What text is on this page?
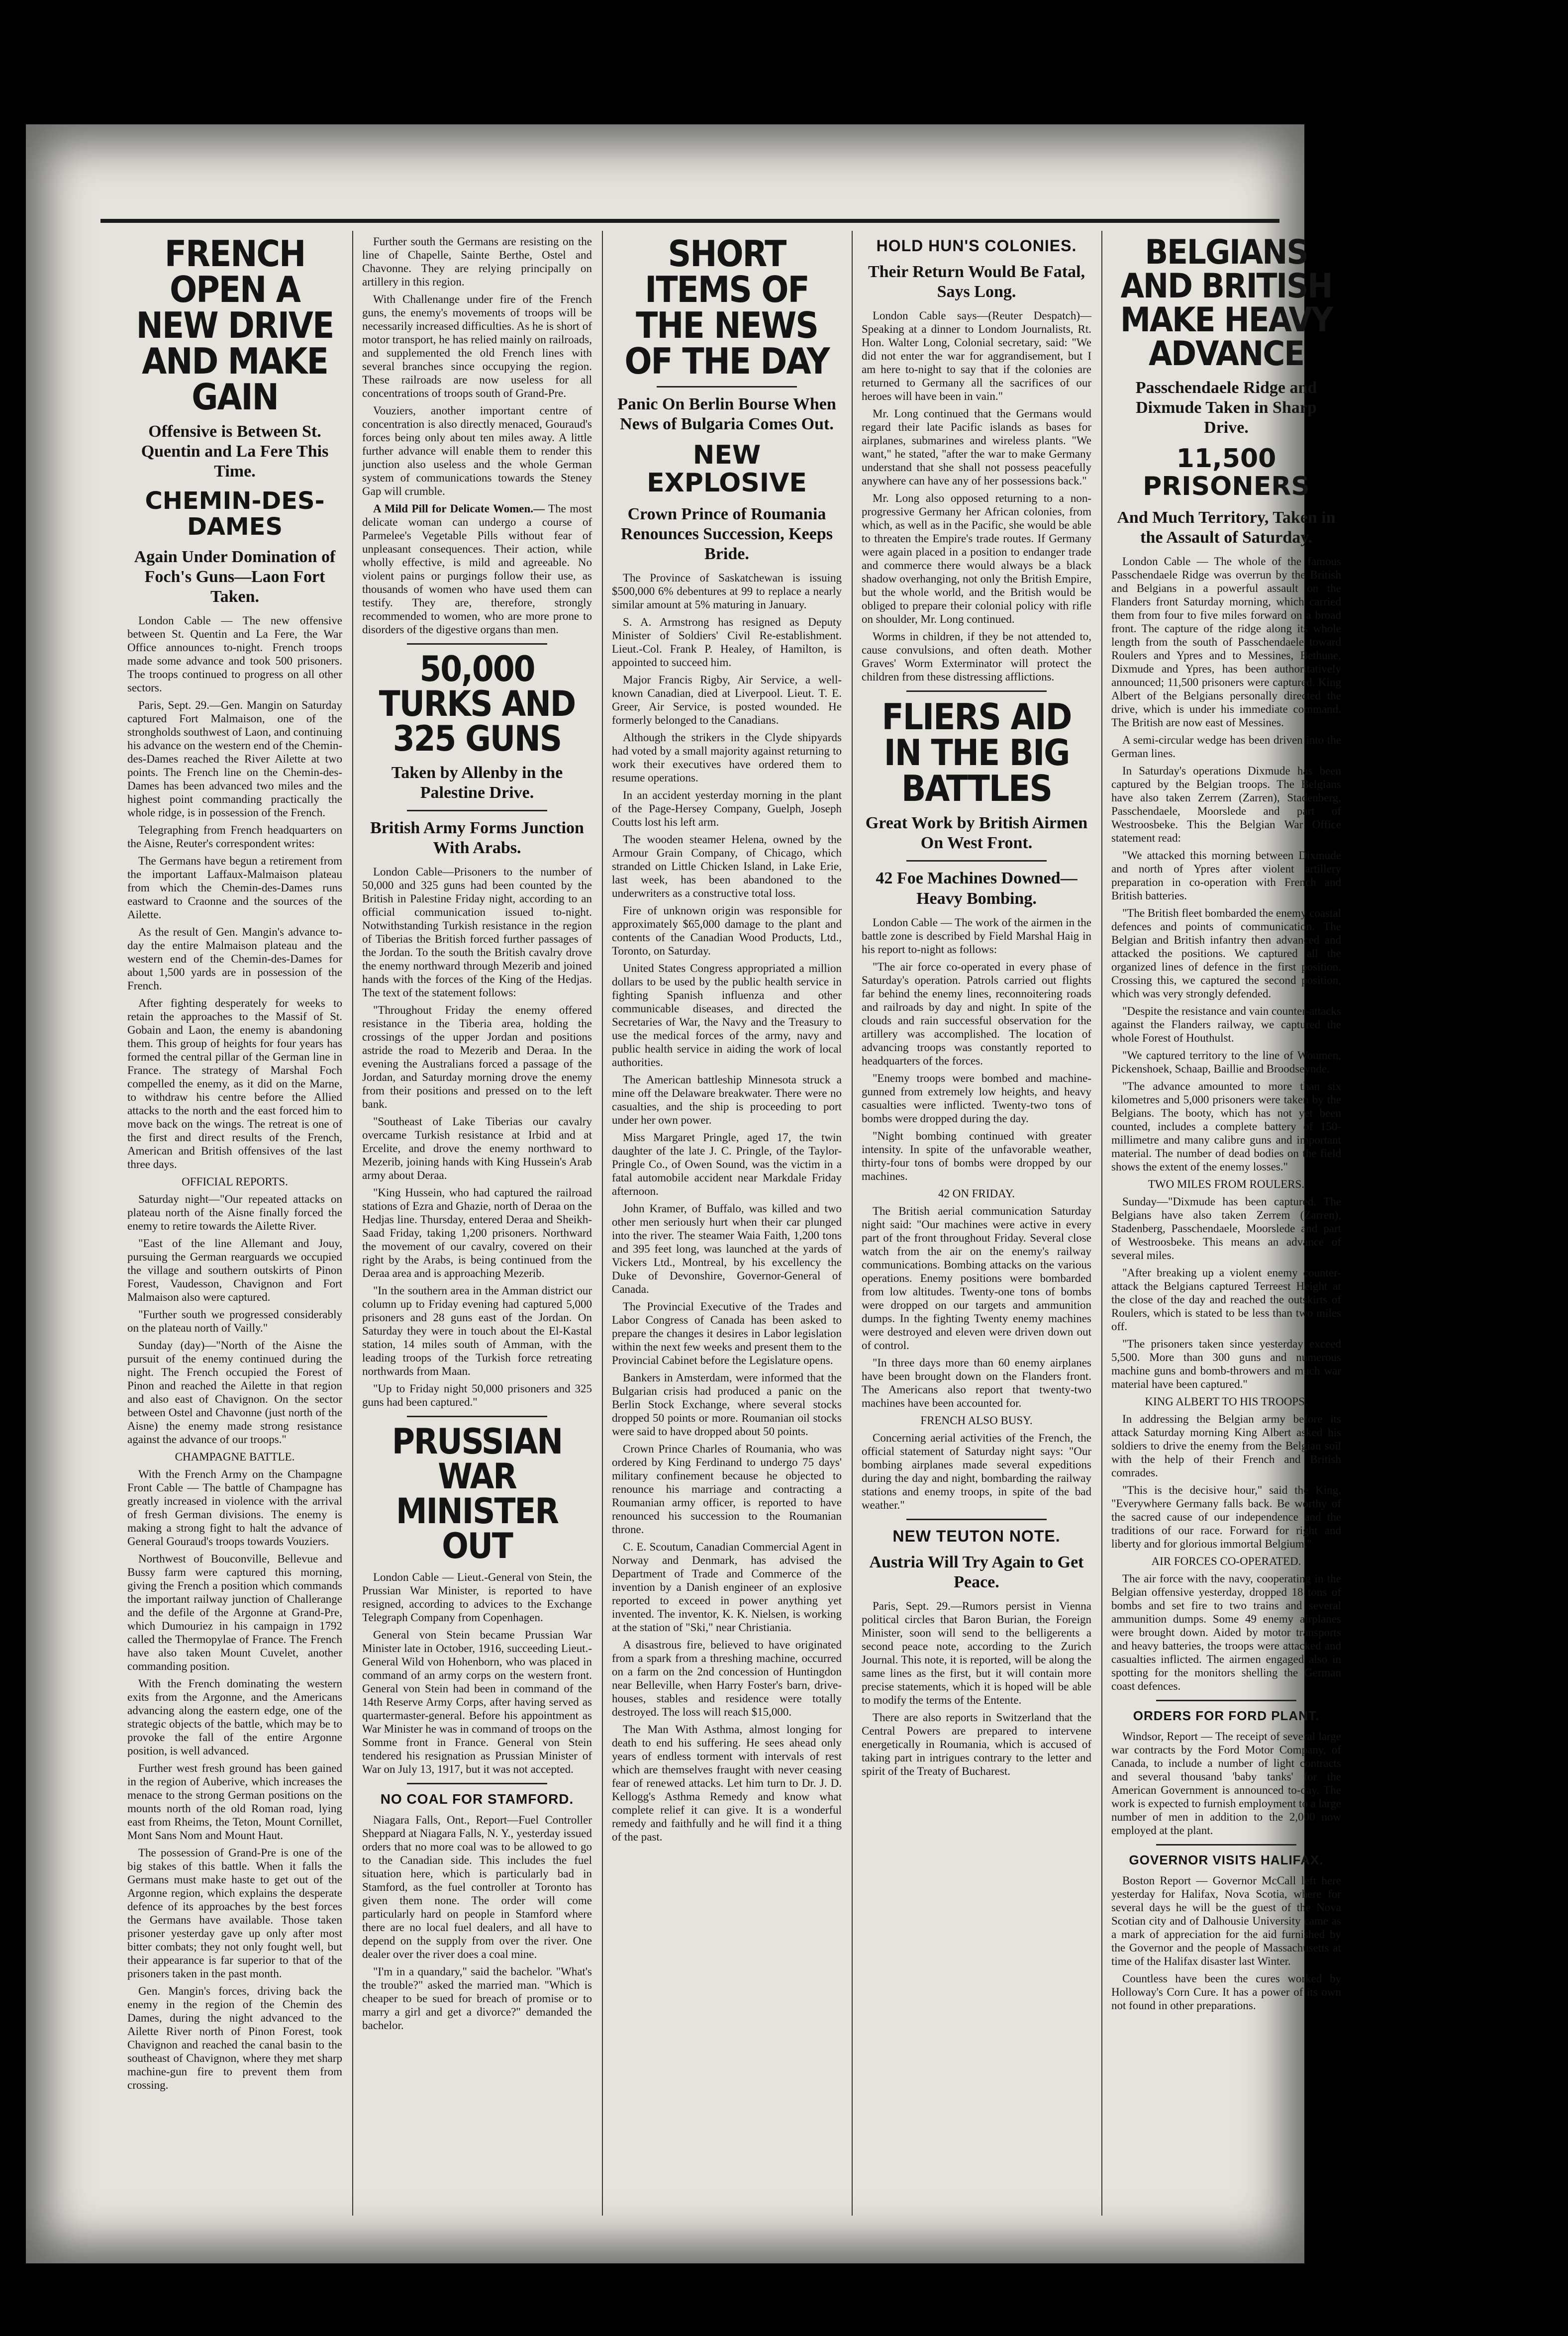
FRENCH OPEN A NEW DRIVE AND MAKE GAIN
Offensive is Between St. Quentin and La Fere This Time.
CHEMIN-DES-DAMES
Again Under Domination of Foch's Guns—Laon Fort Taken.

London Cable — The new offensive between St. Quentin and La Fere, the War Office announces to-night. French troops made some advance and took 500 prisoners. The troops continued to progress on all other sectors.

Paris, Sept. 29.—Gen. Mangin on Saturday captured Fort Malmaison, one of the strongholds southwest of Laon, and continuing his advance on the western end of the Chemin-des-Dames reached the River Ailette at two points. The French line on the Chemin-des-Dames has been advanced two miles and the highest point commanding practically the whole ridge, is in possession of the French.

Telegraphing from French headquarters on the Aisne, Reuter's correspondent writes:

The Germans have begun a retirement from the important Laffaux-Malmaison plateau from which the Chemin-des-Dames runs eastward to Craonne and the sources of the Ailette.

As the result of Gen. Mangin's advance to-day the entire Malmaison plateau and the western end of the Chemin-des-Dames for about 1,500 yards are in possession of the French.

After fighting desperately for weeks to retain the approaches to the Massif of St. Gobain and Laon, the enemy is abandoning them. This group of heights for four years has formed the central pillar of the German line in France. The strategy of Marshal Foch compelled the enemy, as it did on the Marne, to withdraw his centre before the Allied attacks to the north and the east forced him to move back on the wings. The retreat is one of the first and direct results of the French, American and British offensives of the last three days.

OFFICIAL REPORTS.

Saturday night—"Our repeated attacks on plateau north of the Aisne finally forced the enemy to retire towards the Ailette River.

"East of the line Allemant and Jouy, pursuing the German rearguards we occupied the village and southern outskirts of Pinon Forest, Vaudesson, Chavignon and Fort Malmaison also were captured.

"Further south we progressed considerably on the plateau north of Vailly."

Sunday (day)—"North of the Aisne the pursuit of the enemy continued during the night. The French occupied the Forest of Pinon and reached the Ailette in that region and also east of Chavignon. On the sector between Ostel and Chavonne (just north of the Aisne) the enemy made strong resistance against the advance of our troops."

CHAMPAGNE BATTLE.

With the French Army on the Champagne Front Cable — The battle of Champagne has greatly increased in violence with the arrival of fresh German divisions. The enemy is making a strong fight to halt the advance of General Gouraud's troops towards Vouziers.

Northwest of Bouconville, Bellevue and Bussy farm were captured this morning, giving the French a position which commands the important railway junction of Challerange and the defile of the Argonne at Grand-Pre, which Dumouriez in his campaign in 1792 called the Thermopylae of France. The French have also taken Mount Cuvelet, another commanding position.

With the French dominating the western exits from the Argonne, and the Americans advancing along the eastern edge, one of the strategic objects of the battle, which may be to provoke the fall of the entire Argonne position, is well advanced.

Further west fresh ground has been gained in the region of Auberive, which increases the menace to the strong German positions on the mounts north of the old Roman road, lying east from Rheims, the Teton, Mount Cornillet, Mont Sans Nom and Mount Haut.

The possession of Grand-Pre is one of the big stakes of this battle. When it falls the Germans must make haste to get out of the Argonne region, which explains the desperate defence of its approaches by the best forces the Germans have available. Those taken prisoner yesterday gave up only after most bitter combats; they not only fought well, but their appearance is far superior to that of the prisoners taken in the past month.

Gen. Mangin's forces, driving back the enemy in the region of the Chemin des Dames, during the night advanced to the Ailette River north of Pinon Forest, took Chavignon and reached the canal basin to the southeast of Chavignon, where they met sharp machine-gun fire to prevent them from crossing.

Further south the Germans are resisting on the line of Chapelle, Sainte Berthe, Ostel and Chavonne. They are relying principally on artillery in this region.

With Challenange under fire of the French guns, the enemy's movements of troops will be necessarily increased difficulties. As he is short of motor transport, he has relied mainly on railroads, and supplemented the old French lines with several branches since occupying the region. These railroads are now useless for all concentrations of troops south of Grand-Pre.

Vouziers, another important centre of concentration is also directly menaced, Gouraud's forces being only about ten miles away. A little further advance will enable them to render this junction also useless and the whole German system of communications towards the Steney Gap will crumble.

A Mild Pill for Delicate Women.— The most delicate woman can undergo a course of Parmelee's Vegetable Pills without fear of unpleasant consequences. Their action, while wholly effective, is mild and agreeable. No violent pains or purgings follow their use, as thousands of women who have used them can testify. They are, therefore, strongly recommended to women, who are more prone to disorders of the digestive organs than men.
50,000 TURKS AND 325 GUNS
Taken by Allenby in the Palestine Drive.
British Army Forms Junction With Arabs.

London Cable—Prisoners to the number of 50,000 and 325 guns had been counted by the British in Palestine Friday night, according to an official communication issued to-night. Notwithstanding Turkish resistance in the region of Tiberias the British forced further passages of the Jordan. To the south the British cavalry drove the enemy northward through Mezerib and joined hands with the forces of the King of the Hedjas. The text of the statement follows:

"Throughout Friday the enemy offered resistance in the Tiberia area, holding the crossings of the upper Jordan and positions astride the road to Mezerib and Deraa. In the evening the Australians forced a passage of the Jordan, and Saturday morning drove the enemy from their positions and pressed on to the left bank.

"Southeast of Lake Tiberias our cavalry overcame Turkish resistance at Irbid and at Ercelite, and drove the enemy northward to Mezerib, joining hands with King Hussein's Arab army about Deraa.

"King Hussein, who had captured the railroad stations of Ezra and Ghazie, north of Deraa on the Hedjas line. Thursday, entered Deraa and Sheikh-Saad Friday, taking 1,200 prisoners. Northward the movement of our cavalry, covered on their right by the Arabs, is being continued from the Deraa area and is approaching Mezerib.

"In the southern area in the Amman district our column up to Friday evening had captured 5,000 prisoners and 28 guns east of the Jordan. On Saturday they were in touch about the El-Kastal station, 14 miles south of Amman, with the leading troops of the Turkish force retreating northwards from Maan.

"Up to Friday night 50,000 prisoners and 325 guns had been captured."

PRUSSIAN WAR MINISTER OUT

London Cable — Lieut.-General von Stein, the Prussian War Minister, is reported to have resigned, according to advices to the Exchange Telegraph Company from Copenhagen.

General von Stein became Prussian War Minister late in October, 1916, succeeding Lieut.-General Wild von Hohenborn, who was placed in command of an army corps on the western front. General von Stein had been in command of the 14th Reserve Army Corps, after having served as quartermaster-general. Before his appointment as War Minister he was in command of troops on the Somme front in France. General von Stein tendered his resignation as Prussian Minister of War on July 13, 1917, but it was not accepted.

NO COAL FOR STAMFORD.

Niagara Falls, Ont., Report—Fuel Controller Sheppard at Niagara Falls, N. Y., yesterday issued orders that no more coal was to be allowed to go to the Canadian side. This includes the fuel situation here, which is particularly bad in Stamford, as the fuel controller at Toronto has given them none. The order will come particularly hard on people in Stamford where there are no local fuel dealers, and all have to depend on the supply from over the river. One dealer over the river does a coal mine.

"I'm in a quandary," said the bachelor. "What's the trouble?" asked the married man. "Which is cheaper to be sued for breach of promise or to marry a girl and get a divorce?" demanded the bachelor.

SHORT ITEMS OF THE NEWS OF THE DAY
Panic On Berlin Bourse When News of Bulgaria Comes Out.
NEW EXPLOSIVE
Crown Prince of Roumania Renounces Succession, Keeps Bride.

The Province of Saskatchewan is issuing $500,000 6% debentures at 99 to replace a nearly similar amount at 5% maturing in January.

S. A. Armstrong has resigned as Deputy Minister of Soldiers' Civil Re-establishment. Lieut.-Col. Frank P. Healey, of Hamilton, is appointed to succeed him.

Major Francis Rigby, Air Service, a well-known Canadian, died at Liverpool. Lieut. T. E. Greer, Air Service, is posted wounded. He formerly belonged to the Canadians.

Although the strikers in the Clyde shipyards had voted by a small majority against returning to work their executives have ordered them to resume operations.

In an accident yesterday morning in the plant of the Page-Hersey Company, Guelph, Joseph Coutts lost his left arm.

The wooden steamer Helena, owned by the Armour Grain Company, of Chicago, which stranded on Little Chicken Island, in Lake Erie, last week, has been abandoned to the underwriters as a constructive total loss.

Fire of unknown origin was responsible for approximately $65,000 damage to the plant and contents of the Canadian Wood Products, Ltd., Toronto, on Saturday.

United States Congress appropriated a million dollars to be used by the public health service in fighting Spanish influenza and other communicable diseases, and directed the Secretaries of War, the Navy and the Treasury to use the medical forces of the army, navy and public health service in aiding the work of local authorities.

The American battleship Minnesota struck a mine off the Delaware breakwater. There were no casualties, and the ship is proceeding to port under her own power.

Miss Margaret Pringle, aged 17, the twin daughter of the late J. C. Pringle, of the Taylor-Pringle Co., of Owen Sound, was the victim in a fatal automobile accident near Markdale Friday afternoon.

John Kramer, of Buffalo, was killed and two other men seriously hurt when their car plunged into the river. The steamer Waia Faith, 1,200 tons and 395 feet long, was launched at the yards of Vickers Ltd., Montreal, by his excellency the Duke of Devonshire, Governor-General of Canada.

The Provincial Executive of the Trades and Labor Congress of Canada has been asked to prepare the changes it desires in Labor legislation within the next few weeks and present them to the Provincial Cabinet before the Legislature opens.

Bankers in Amsterdam, were informed that the Bulgarian crisis had produced a panic on the Berlin Stock Exchange, where several stocks dropped 50 points or more. Roumanian oil stocks were said to have dropped about 50 points.

Crown Prince Charles of Roumania, who was ordered by King Ferdinand to undergo 75 days' military confinement because he objected to renounce his marriage and contracting a Roumanian army officer, is reported to have renounced his succession to the Roumanian throne.

C. E. Scoutum, Canadian Commercial Agent in Norway and Denmark, has advised the Department of Trade and Commerce of the invention by a Danish engineer of an explosive reported to exceed in power anything yet invented. The inventor, K. K. Nielsen, is working at the station of "Ski," near Christiania.

A disastrous fire, believed to have originated from a spark from a threshing machine, occurred on a farm on the 2nd concession of Huntingdon near Belleville, when Harry Foster's barn, drive-houses, stables and residence were totally destroyed. The loss will reach $15,000.

The Man With Asthma, almost longing for death to end his suffering. He sees ahead only years of endless torment with intervals of rest which are themselves fraught with never ceasing fear of renewed attacks. Let him turn to Dr. J. D. Kellogg's Asthma Remedy and know what complete relief it can give. It is a wonderful remedy and faithfully and he will find it a thing of the past.

HOLD HUN'S COLONIES.
Their Return Would Be Fatal, Says Long.

London Cable says—(Reuter Despatch)—Speaking at a dinner to Londom Journalists, Rt. Hon. Walter Long, Colonial secretary, said: "We did not enter the war for aggrandisement, but I am here to-night to say that if the colonies are returned to Germany all the sacrifices of our heroes will have been in vain."

Mr. Long continued that the Germans would regard their late Pacific islands as bases for airplanes, submarines and wireless plants. "We want," he stated, "after the war to make Germany understand that she shall not possess peacefully anywhere can have any of her possessions back."

Mr. Long also opposed returning to a non-progressive Germany her African colonies, from which, as well as in the Pacific, she would be able to threaten the Empire's trade routes. If Germany were again placed in a position to endanger trade and commerce there would always be a black shadow overhanging, not only the British Empire, but the whole world, and the British would be obliged to prepare their colonial policy with rifle on shoulder, Mr. Long continued.

Worms in children, if they be not attended to, cause convulsions, and often death. Mother Graves' Worm Exterminator will protect the children from these distressing afflictions.

FLIERS AID IN THE BIG BATTLES
Great Work by British Airmen On West Front.
42 Foe Machines Downed—Heavy Bombing.

London Cable — The work of the airmen in the battle zone is described by Field Marshal Haig in his report to-night as follows:

"The air force co-operated in every phase of Saturday's operation. Patrols carried out flights far behind the enemy lines, reconnoitering roads and railroads by day and night. In spite of the clouds and rain successful observation for the artillery was accomplished. The location of advancing troops was constantly reported to headquarters of the forces.

"Enemy troops were bombed and machine-gunned from extremely low heights, and heavy casualties were inflicted. Twenty-two tons of bombs were dropped during the day.

"Night bombing continued with greater intensity. In spite of the unfavorable weather, thirty-four tons of bombs were dropped by our machines.

42 ON FRIDAY.

The British aerial communication Saturday night said: "Our machines were active in every part of the front throughout Friday. Several close watch from the air on the enemy's railway communications. Bombing attacks on the various operations. Enemy positions were bombarded from low altitudes. Twenty-one tons of bombs were dropped on our targets and ammunition dumps. In the fighting Twenty enemy machines were destroyed and eleven were driven down out of control.

"In three days more than 60 enemy airplanes have been brought down on the Flanders front. The Americans also report that twenty-two machines have been accounted for.

FRENCH ALSO BUSY.

Concerning aerial activities of the French, the official statement of Saturday night says: "Our bombing airplanes made several expeditions during the day and night, bombarding the railway stations and enemy troops, in spite of the bad weather."

NEW TEUTON NOTE.
Austria Will Try Again to Get Peace.

Paris, Sept. 29.—Rumors persist in Vienna political circles that Baron Burian, the Foreign Minister, soon will send to the belligerents a second peace note, according to the Zurich Journal. This note, it is reported, will be along the same lines as the first, but it will contain more precise statements, which it is hoped will be able to modify the terms of the Entente.

There are also reports in Switzerland that the Central Powers are prepared to intervene energetically in Roumania, which is accused of taking part in intrigues contrary to the letter and spirit of the Treaty of Bucharest.

BELGIANS AND BRITISH MAKE HEAVY ADVANCE
Passchendaele Ridge and Dixmude Taken in Sharp Drive.
11,500 PRISONERS
And Much Territory, Taken in the Assault of Saturday.

London Cable — The whole of the famous Passchendaele Ridge was overrun by the British and Belgians in a powerful assault on the Flanders front Saturday morning, which carried them from four to five miles forward on a broad front. The capture of the ridge along its whole length from the south of Passchendaele toward Roulers and Ypres and to Messines, Bethune, Dixmude and Ypres, has been authoritatively announced; 11,500 prisoners were captured. King Albert of the Belgians personally directed the drive, which is under his immediate command. The British are now east of Messines.

A semi-circular wedge has been driven into the German lines.

In Saturday's operations Dixmude has been captured by the Belgian troops. The Belgians have also taken Zerrem (Zarren), Stadenberg, Passchendaele, Moorslede and part of Westroosbeke. This the Belgian War Office statement read:

"We attacked this morning between Dixmude and north of Ypres after violent artillery preparation in co-operation with French and British batteries.

"The British fleet bombarded the enemy coastal defences and points of communication. The Belgian and British infantry then advanced and attacked the positions. We captured all the organized lines of defence in the first position. Crossing this, we captured the second position, which was very strongly defended.

"Despite the resistance and vain counter-attacks against the Flanders railway, we captured the whole Forest of Houthulst.

"We captured territory to the line of Woumen, Pickenshoek, Schaap, Baillie and Broodseynde.

"The advance amounted to more than six kilometres and 5,000 prisoners were taken by the Belgians. The booty, which has not yet been counted, includes a complete battery of 150-millimetre and many calibre guns and important material. The number of dead bodies on the field shows the extent of the enemy losses."

TWO MILES FROM ROULERS.

Sunday—"Dixmude has been captured. The Belgians have also taken Zerrem (Zarren), Stadenberg, Passchendaele, Moorslede and part of Westroosbeke. This means an advance of several miles.

"After breaking up a violent enemy counter-attack the Belgians captured Terreest Height at the close of the day and reached the outskirts of Roulers, which is stated to be less than two miles off.

"The prisoners taken since yesterday exceed 5,500. More than 300 guns and numerous machine guns and bomb-throwers and much war material have been captured."

KING ALBERT TO HIS TROOPS.

In addressing the Belgian army before its attack Saturday morning King Albert asked his soldiers to drive the enemy from the Belgian soil with the help of their French and British comrades.

"This is the decisive hour," said the King. "Everywhere Germany falls back. Be worthy of the sacred cause of our independence and the traditions of our race. Forward for right and liberty and for glorious immortal Belgium."

AIR FORCES CO-OPERATED.

The air force with the navy, cooperating in the Belgian offensive yesterday, dropped 18 tons of bombs and set fire to two trains and several ammunition dumps. Some 49 enemy airplanes were brought down. Aided by motor transports and heavy batteries, the troops were attacked and casualties inflicted. The airmen engaged also in spotting for the monitors shelling the German coast defences.

ORDERS FOR FORD PLANT.

Windsor, Report — The receipt of several large war contracts by the Ford Motor Company, of Canada, to include a number of light contracts and several thousand 'baby tanks' for the American Government is announced to-day. The work is expected to furnish employment to a large number of men in addition to the 2,000 now employed at the plant.

GOVERNOR VISITS HALIFAX.

Boston Report — Governor McCall left here yesterday for Halifax, Nova Scotia, where for several days he will be the guest of the Nova Scotian city and of Dalhousie University came as a mark of appreciation for the aid furnished by the Governor and the people of Massachusetts at time of the Halifax disaster last Winter.

Countless have been the cures worked by Holloway's Corn Cure. It has a power of its own not found in other preparations.
